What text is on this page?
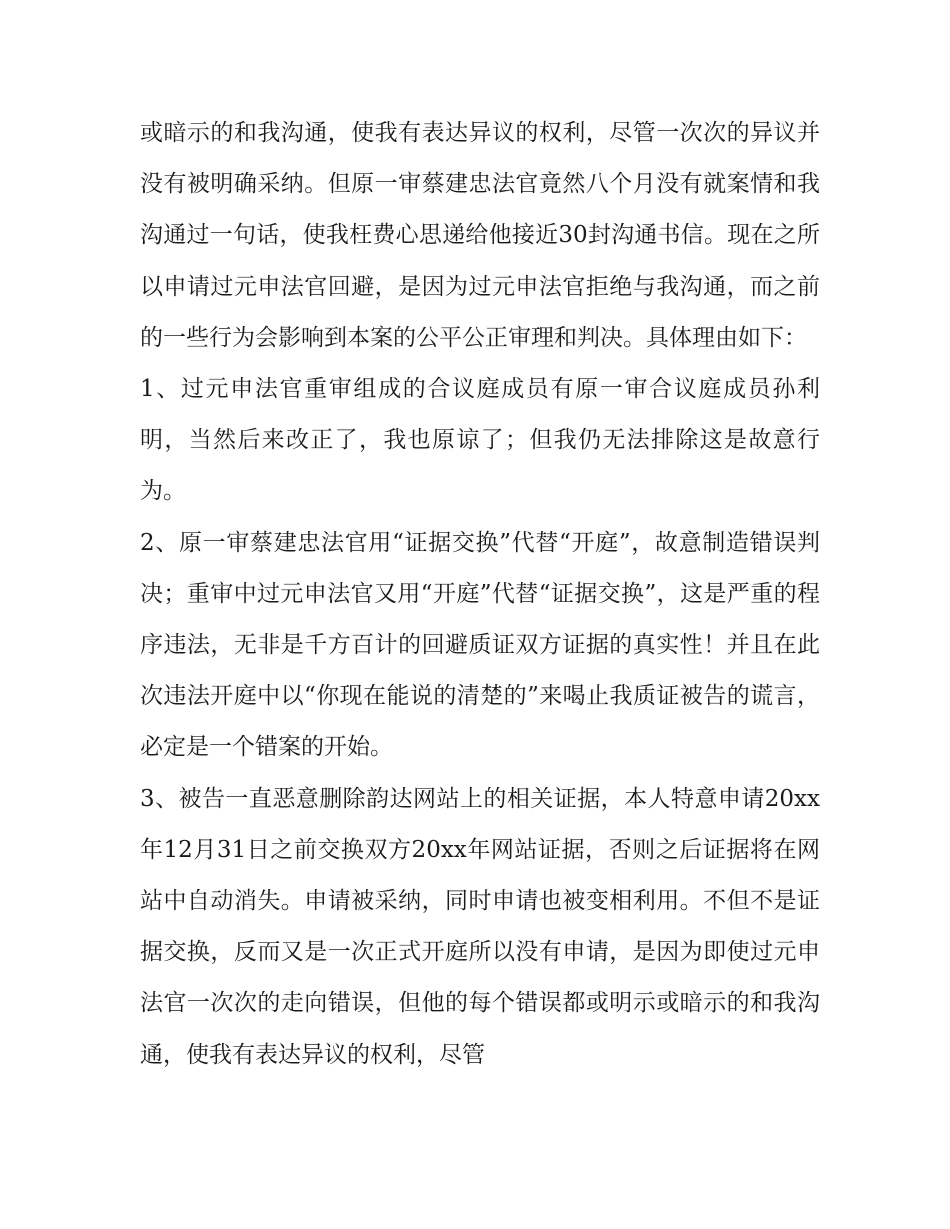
或暗示的和我沟通，使我有表达异议的权利，尽管一次次的异议并没有被明确采纳。但原一审蔡建忠法官竟然八个月没有就案情和我沟通过一句话，使我枉费心思递给他接近30封沟通书信。现在之所以申请过元申法官回避，是因为过元申法官拒绝与我沟通，而之前的一些行为会影响到本案的公平公正审理和判决。具体理由如下：

1、过元申法官重审组成的合议庭成员有原一审合议庭成员孙利明，当然后来改正了，我也原谅了；但我仍无法排除这是故意行为。

2、原一审蔡建忠法官用“证据交换”代替“开庭”，故意制造错误判决；重审中过元申法官又用“开庭”代替“证据交换”，这是严重的程序违法，无非是千方百计的回避质证双方证据的真实性！并且在此次违法开庭中以“你现在能说的清楚的”来喝止我质证被告的谎言，必定是一个错案的开始。

3、被告一直恶意删除韵达网站上的相关证据，本人特意申请20xx年12月31日之前交换双方20xx年网站证据，否则之后证据将在网站中自动消失。申请被采纳，同时申请也被变相利用。不但不是证据交换，反而又是一次正式开庭所以没有申请，是因为即使过元申法官一次次的走向错误，但他的每个错误都或明示或暗示的和我沟通，使我有表达异议的权利，尽管
